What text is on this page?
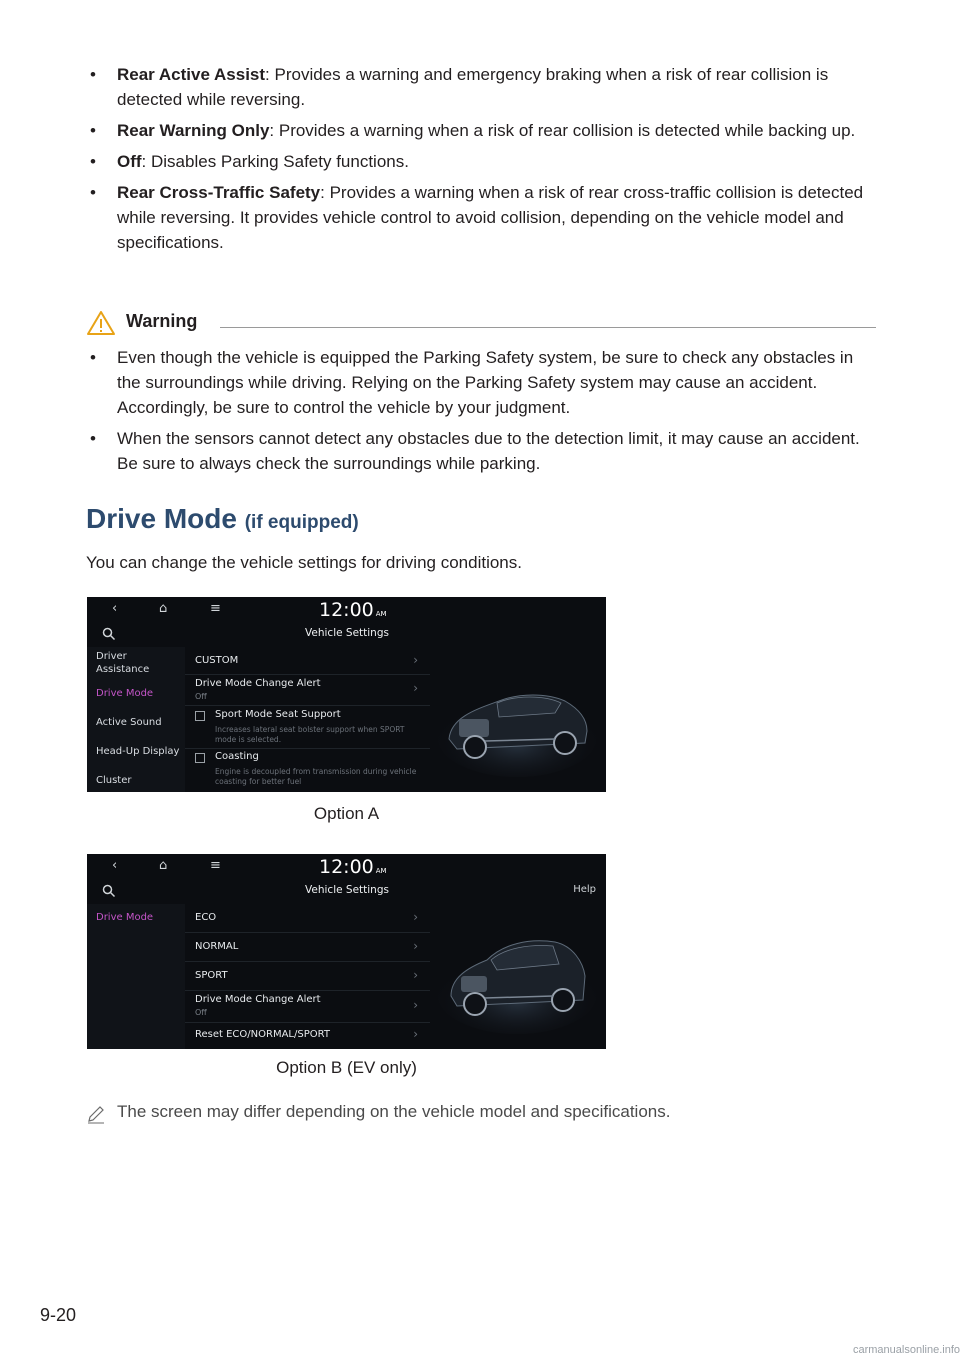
• Rear Active Assist: Provides a warning and emergency braking when a risk of rear collision is detected while reversing.
• Rear Warning Only: Provides a warning when a risk of rear collision is detected while backing up.
• Off: Disables Parking Safety functions.
• Rear Cross-Traffic Safety: Provides a warning when a risk of rear cross-traffic collision is detected while reversing. It provides vehicle control to avoid collision, depending on the vehicle model and specifications.
Warning
• Even though the vehicle is equipped the Parking Safety system, be sure to check any obstacles in the surroundings while driving. Relying on the Parking Safety system may cause an accident. Accordingly, be sure to control the vehicle by your judgment.
• When the sensors cannot detect any obstacles due to the detection limit, it may cause an accident. Be sure to always check the surroundings while parking.
Drive Mode (if equipped)
You can change the vehicle settings for driving conditions.
‹	⌂	≡	12:00 AM
Vehicle Settings
Driver
Assistance
Drive Mode
Active Sound
Head-Up Display
Cluster
CUSTOM	›
Drive Mode Change Alert
Off
›
Sport Mode Seat Support
Increases lateral seat bolster support when SPORT mode is selected.
Coasting
Engine is decoupled from transmission during vehicle coasting for better fuel
Option A
‹	⌂	≡	12:00 AM
Vehicle Settings	Help
Drive Mode	ECO	›
NORMAL	›
SPORT	›
Drive Mode Change Alert
Off
›
Reset ECO/NORMAL/SPORT	›
Option B (EV only)
The screen may differ depending on the vehicle model and specifications.
9-20
carmanualsonline.info
